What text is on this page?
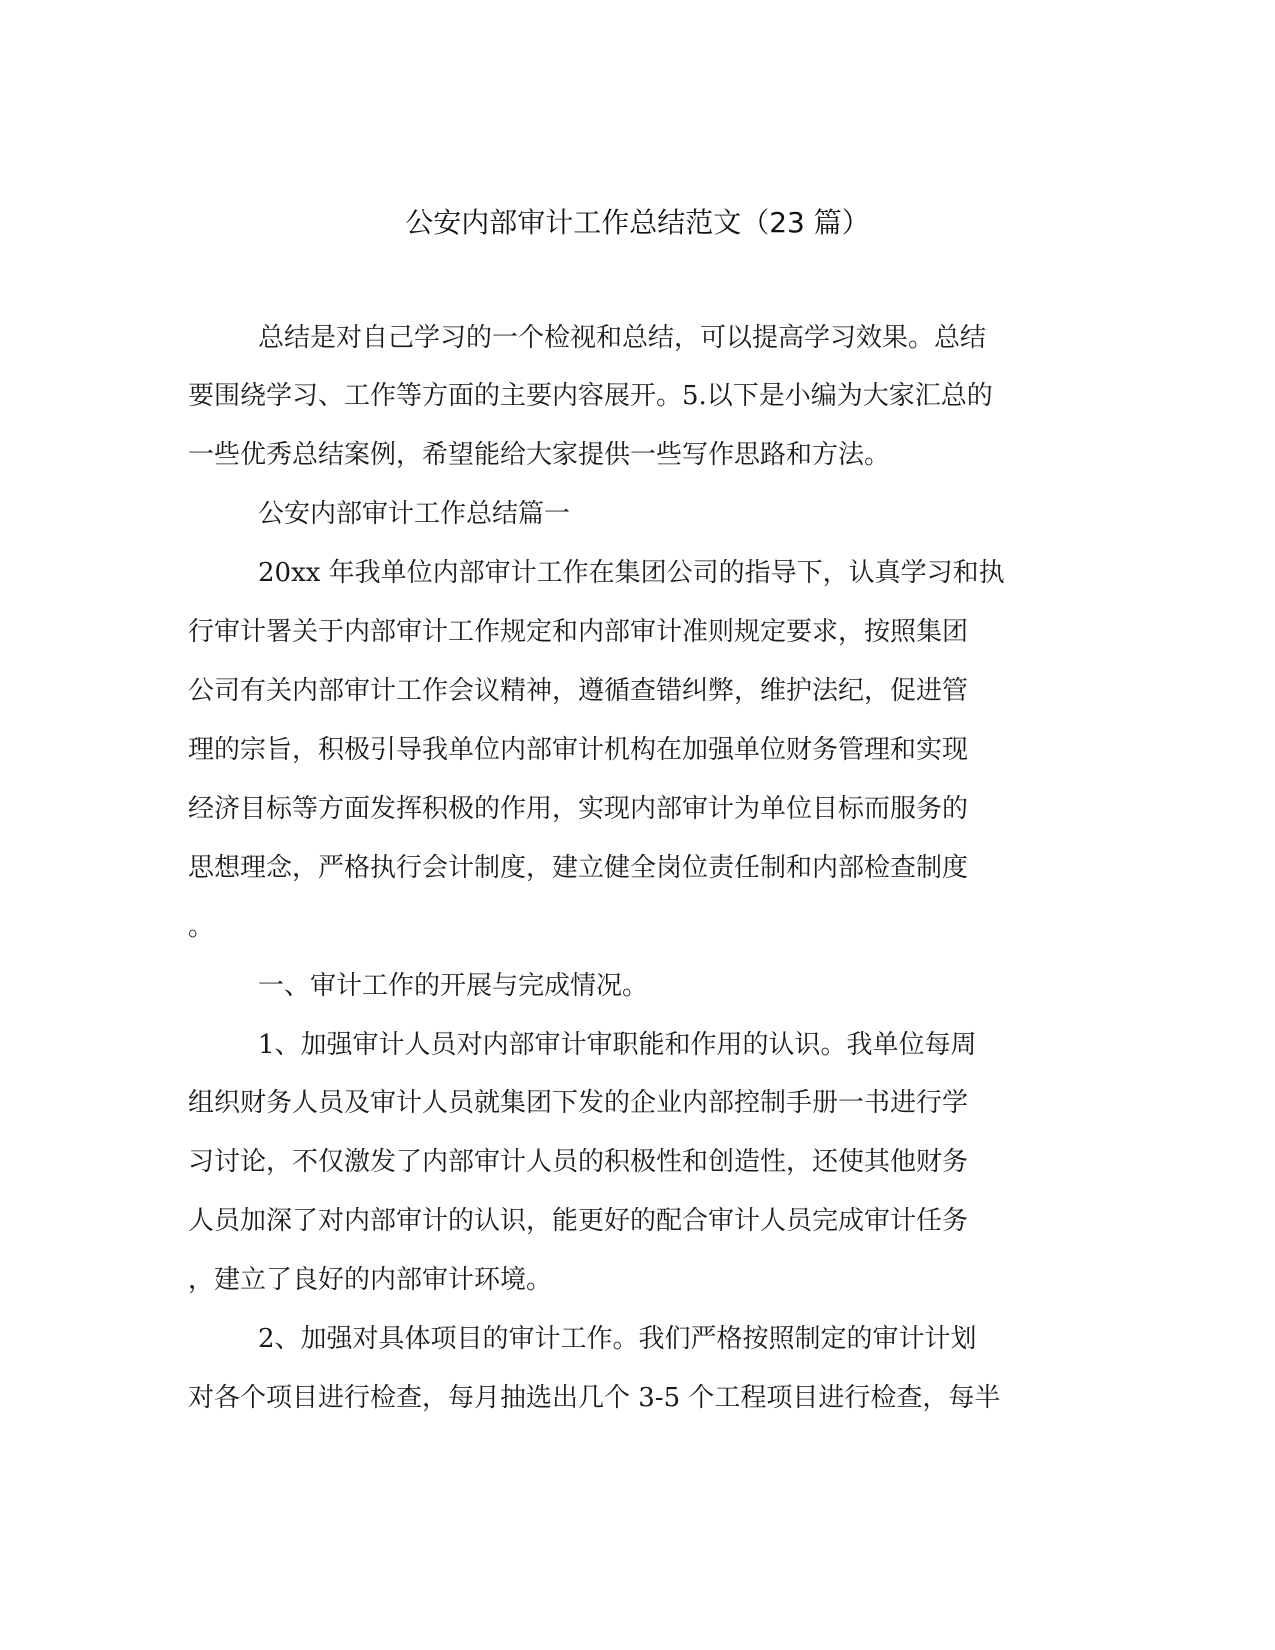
公安内部审计工作总结范文（23 篇）
总结是对自己学习的一个检视和总结，可以提高学习效果。总结
要围绕学习、工作等方面的主要内容展开。5.以下是小编为大家汇总的
一些优秀总结案例，希望能给大家提供一些写作思路和方法。
公安内部审计工作总结篇一
20xx 年我单位内部审计工作在集团公司的指导下，认真学习和执
行审计署关于内部审计工作规定和内部审计准则规定要求，按照集团
公司有关内部审计工作会议精神，遵循查错纠弊，维护法纪，促进管
理的宗旨，积极引导我单位内部审计机构在加强单位财务管理和实现
经济目标等方面发挥积极的作用，实现内部审计为单位目标而服务的
思想理念，严格执行会计制度，建立健全岗位责任制和内部检查制度
。
一、审计工作的开展与完成情况。
1、加强审计人员对内部审计审职能和作用的认识。我单位每周
组织财务人员及审计人员就集团下发的企业内部控制手册一书进行学
习讨论，不仅激发了内部审计人员的积极性和创造性，还使其他财务
人员加深了对内部审计的认识，能更好的配合审计人员完成审计任务
，建立了良好的内部审计环境。
2、加强对具体项目的审计工作。我们严格按照制定的审计计划
对各个项目进行检查，每月抽选出几个 3-5 个工程项目进行检查，每半
